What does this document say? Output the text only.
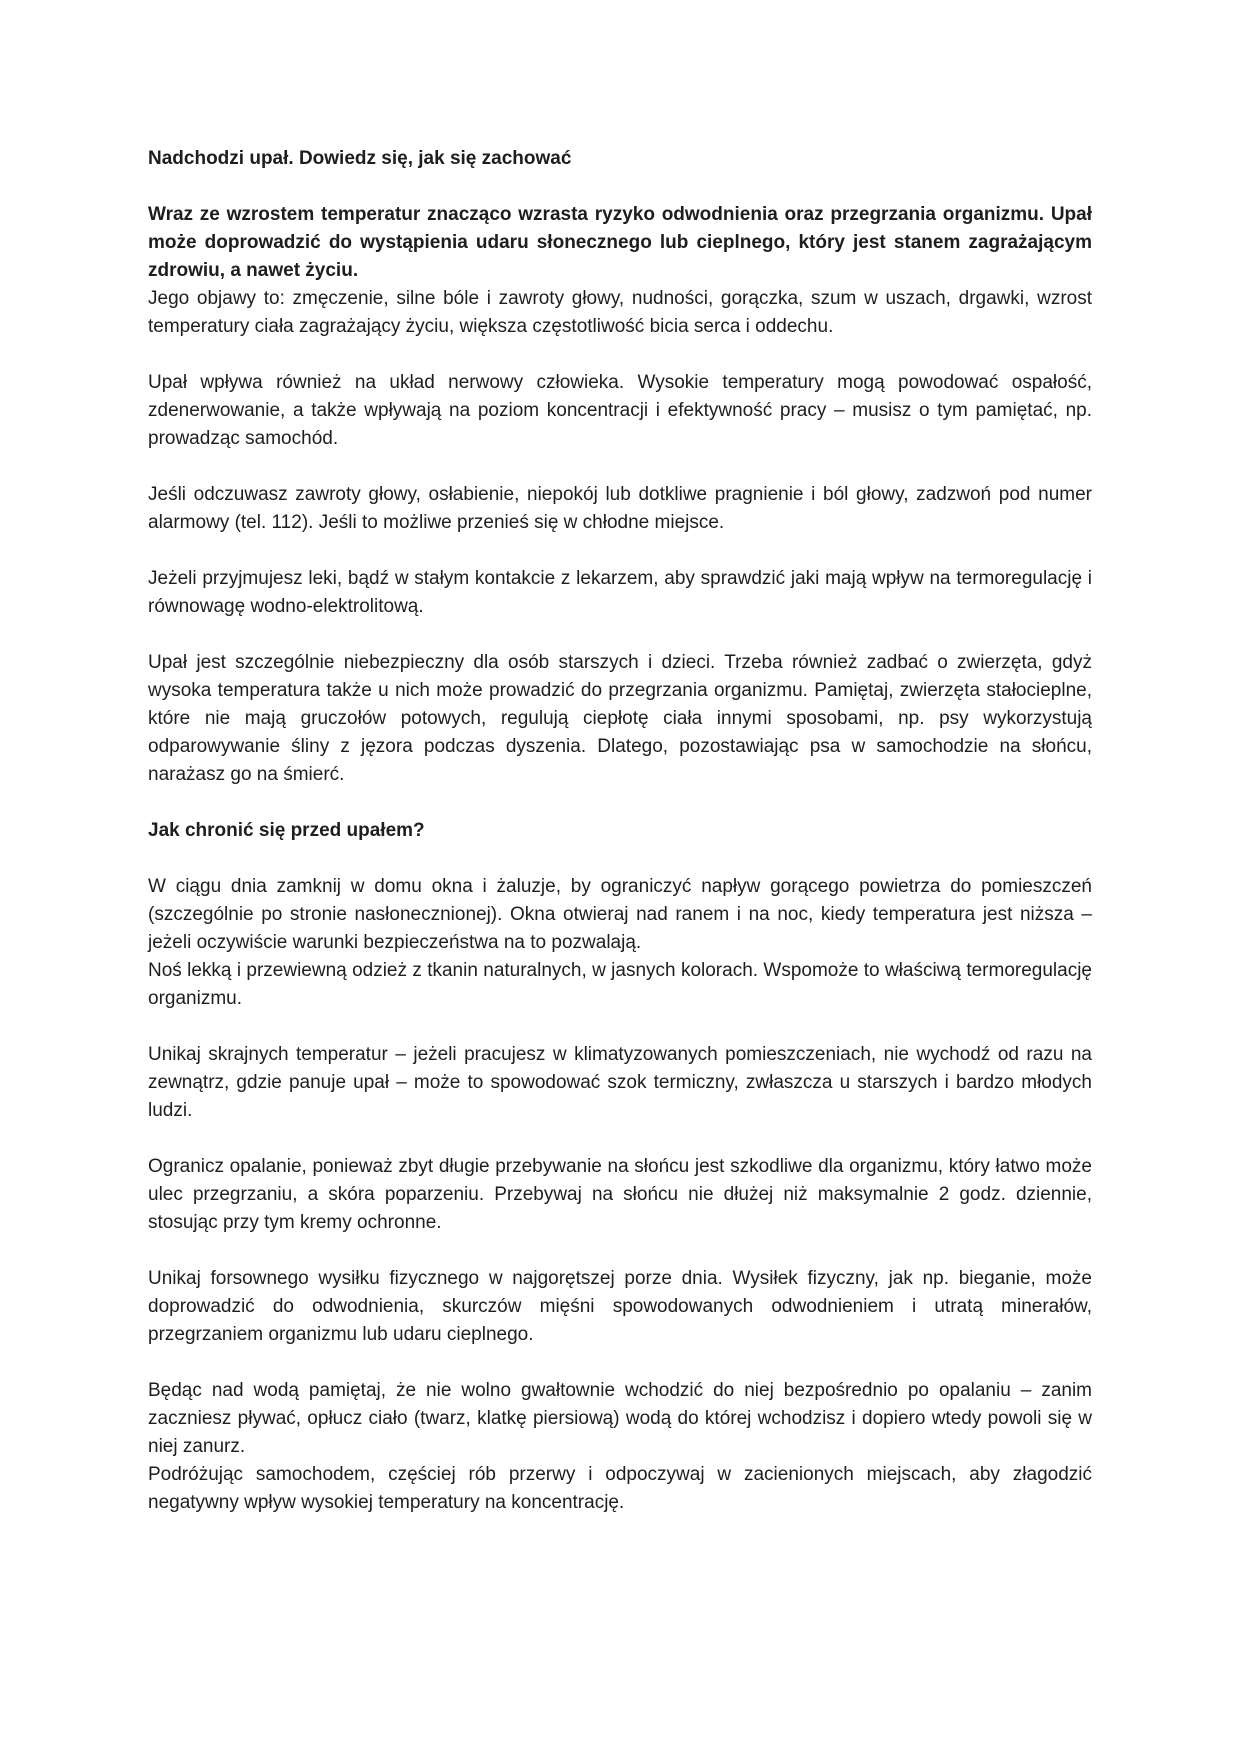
Nadchodzi upał. Dowiedz się, jak się zachować

Wraz ze wzrostem temperatur znacząco wzrasta ryzyko odwodnienia oraz przegrzania organizmu. Upał może doprowadzić do wystąpienia udaru słonecznego lub cieplnego, który jest stanem zagrażającym zdrowiu, a nawet życiu.

Jego objawy to: zmęczenie, silne bóle i zawroty głowy, nudności, gorączka, szum w uszach, drgawki, wzrost temperatury ciała zagrażający życiu, większa częstotliwość bicia serca i oddechu.

Upał wpływa również na układ nerwowy człowieka. Wysokie temperatury mogą powodować ospałość, zdenerwowanie, a także wpływają na poziom koncentracji i efektywność pracy – musisz o tym pamiętać, np. prowadząc samochód.

Jeśli odczuwasz zawroty głowy, osłabienie, niepokój lub dotkliwe pragnienie i ból głowy, zadzwoń pod numer alarmowy (tel. 112). Jeśli to możliwe przenieś się w chłodne miejsce.

Jeżeli przyjmujesz leki, bądź w stałym kontakcie z lekarzem, aby sprawdzić jaki mają wpływ na termoregulację i równowagę wodno-elektrolitową.

Upał jest szczególnie niebezpieczny dla osób starszych i dzieci. Trzeba również zadbać o zwierzęta, gdyż wysoka temperatura także u nich może prowadzić do przegrzania organizmu. Pamiętaj, zwierzęta stałocieplne, które nie mają gruczołów potowych, regulują ciepłotę ciała innymi sposobami, np. psy wykorzystują odparowywanie śliny z jęzora podczas dyszenia. Dlatego, pozostawiając psa w samochodzie na słońcu, narażasz go na śmierć.

Jak chronić się przed upałem?

W ciągu dnia zamknij w domu okna i żaluzje, by ograniczyć napływ gorącego powietrza do pomieszczeń (szczególnie po stronie nasłonecznionej). Okna otwieraj nad ranem i na noc, kiedy temperatura jest niższa – jeżeli oczywiście warunki bezpieczeństwa na to pozwalają.

Noś lekką i przewiewną odzież z tkanin naturalnych, w jasnych kolorach. Wspomoże to właściwą termoregulację organizmu.

Unikaj skrajnych temperatur – jeżeli pracujesz w klimatyzowanych pomieszczeniach, nie wychodź od razu na zewnątrz, gdzie panuje upał – może to spowodować szok termiczny, zwłaszcza u starszych i bardzo młodych ludzi.

Ogranicz opalanie, ponieważ zbyt długie przebywanie na słońcu jest szkodliwe dla organizmu, który łatwo może ulec przegrzaniu, a skóra poparzeniu. Przebywaj na słońcu nie dłużej niż maksymalnie 2 godz. dziennie, stosując przy tym kremy ochronne.

Unikaj forsownego wysiłku fizycznego w najgorętszej porze dnia. Wysiłek fizyczny, jak np. bieganie, może doprowadzić do odwodnienia, skurczów mięśni spowodowanych odwodnieniem i utratą minerałów, przegrzaniem organizmu lub udaru cieplnego.

Będąc nad wodą pamiętaj, że nie wolno gwałtownie wchodzić do niej bezpośrednio po opalaniu – zanim zaczniesz pływać, opłucz ciało (twarz, klatkę piersiową) wodą do której wchodzisz i dopiero wtedy powoli się w niej zanurz.

Podróżując samochodem, częściej rób przerwy i odpoczywaj w zacienionych miejscach, aby złagodzić negatywny wpływ wysokiej temperatury na koncentrację.
